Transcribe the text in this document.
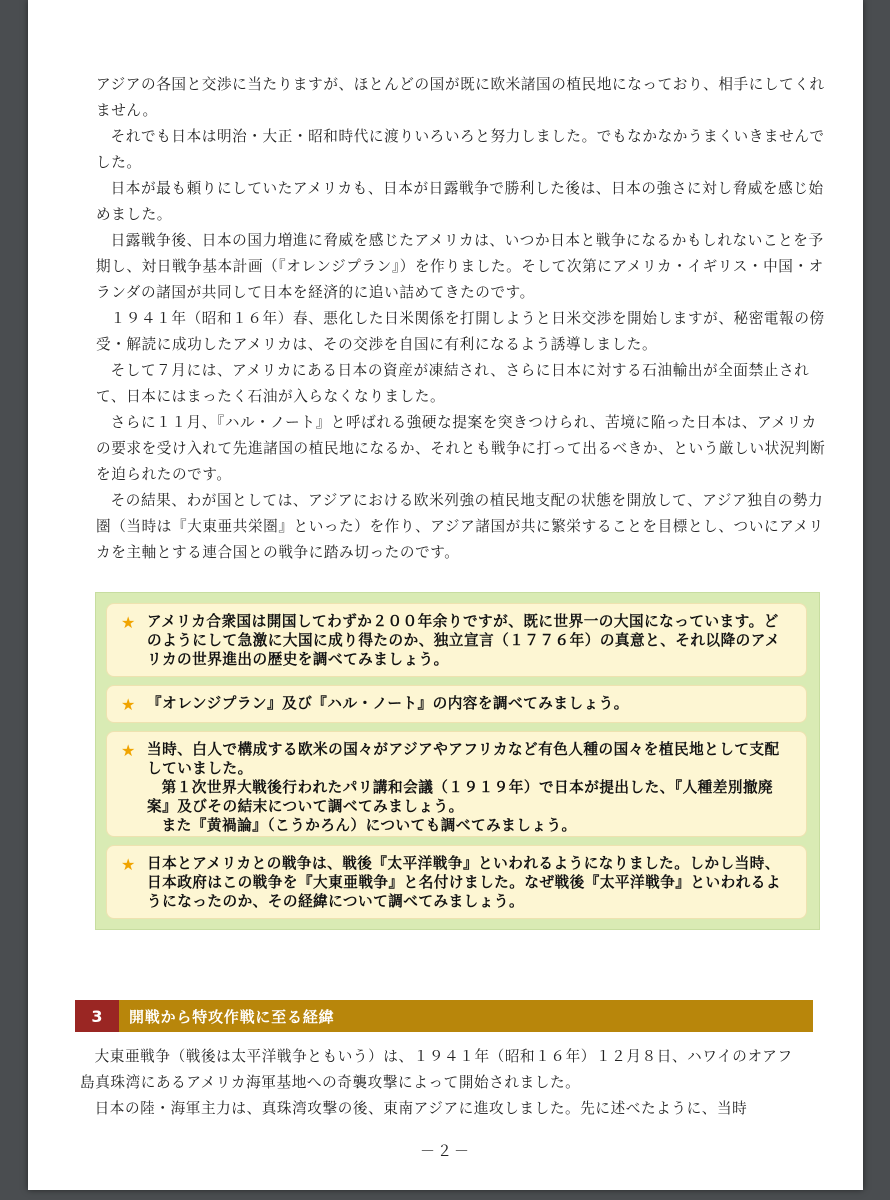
アジアの各国と交渉に当たりますが、ほとんどの国が既に欧米諸国の植民地になっており、相手にしてくれません。

それでも日本は明治・大正・昭和時代に渡りいろいろと努力しました。でもなかなかうまくいきませんでした。

日本が最も頼りにしていたアメリカも、日本が日露戦争で勝利した後は、日本の強さに対し脅威を感じ始めました。

日露戦争後、日本の国力増進に脅威を感じたアメリカは、いつか日本と戦争になるかもしれないことを予期し、対日戦争基本計画（『オレンジプラン』）を作りました。そして次第にアメリカ・イギリス・中国・オランダの諸国が共同して日本を経済的に追い詰めてきたのです。

１９４１年（昭和１６年）春、悪化した日米関係を打開しようと日米交渉を開始しますが、秘密電報の傍受・解読に成功したアメリカは、その交渉を自国に有利になるよう誘導しました。

そして７月には、アメリカにある日本の資産が凍結され、さらに日本に対する石油輸出が全面禁止されて、日本にはまったく石油が入らなくなりました。

さらに１１月、『ハル・ノート』と呼ばれる強硬な提案を突きつけられ、苦境に陥った日本は、アメリカの要求を受け入れて先進諸国の植民地になるか、それとも戦争に打って出るべきか、という厳しい状況判断を迫られたのです。

その結果、わが国としては、アジアにおける欧米列強の植民地支配の状態を開放して、アジア独自の勢力圏（当時は『大東亜共栄圏』といった）を作り、アジア諸国が共に繁栄することを目標とし、ついにアメリカを主軸とする連合国との戦争に踏み切ったのです。

★ アメリカ合衆国は開国してわずか２００年余りですが、既に世界一の大国になっています。どのようにして急激に大国に成り得たのか、独立宣言（１７７６年）の真意と、それ以降のアメリカの世界進出の歴史を調べてみましょう。
★ 『オレンジプラン』及び『ハル・ノート』の内容を調べてみましょう。
★ 当時、白人で構成する欧米の国々がアジアやアフリカなど有色人種の国々を植民地として支配していました。
第１次世界大戦後行われたパリ講和会議（１９１９年）で日本が提出した、『人種差別撤廃案』及びその結末について調べてみましょう。
また『黄禍論』（こうかろん）についても調べてみましょう。
★ 日本とアメリカとの戦争は、戦後『太平洋戦争』といわれるようになりました。しかし当時、日本政府はこの戦争を『大東亜戦争』と名付けました。なぜ戦後『太平洋戦争』といわれるようになったのか、その経緯について調べてみましょう。
3	開戦から特攻作戦に至る経緯

大東亜戦争（戦後は太平洋戦争ともいう）は、１９４１年（昭和１６年）１２月８日、ハワイのオアフ島真珠湾にあるアメリカ海軍基地への奇襲攻撃によって開始されました。

日本の陸・海軍主力は、真珠湾攻撃の後、東南アジアに進攻しました。先に述べたように、当時

－２－
